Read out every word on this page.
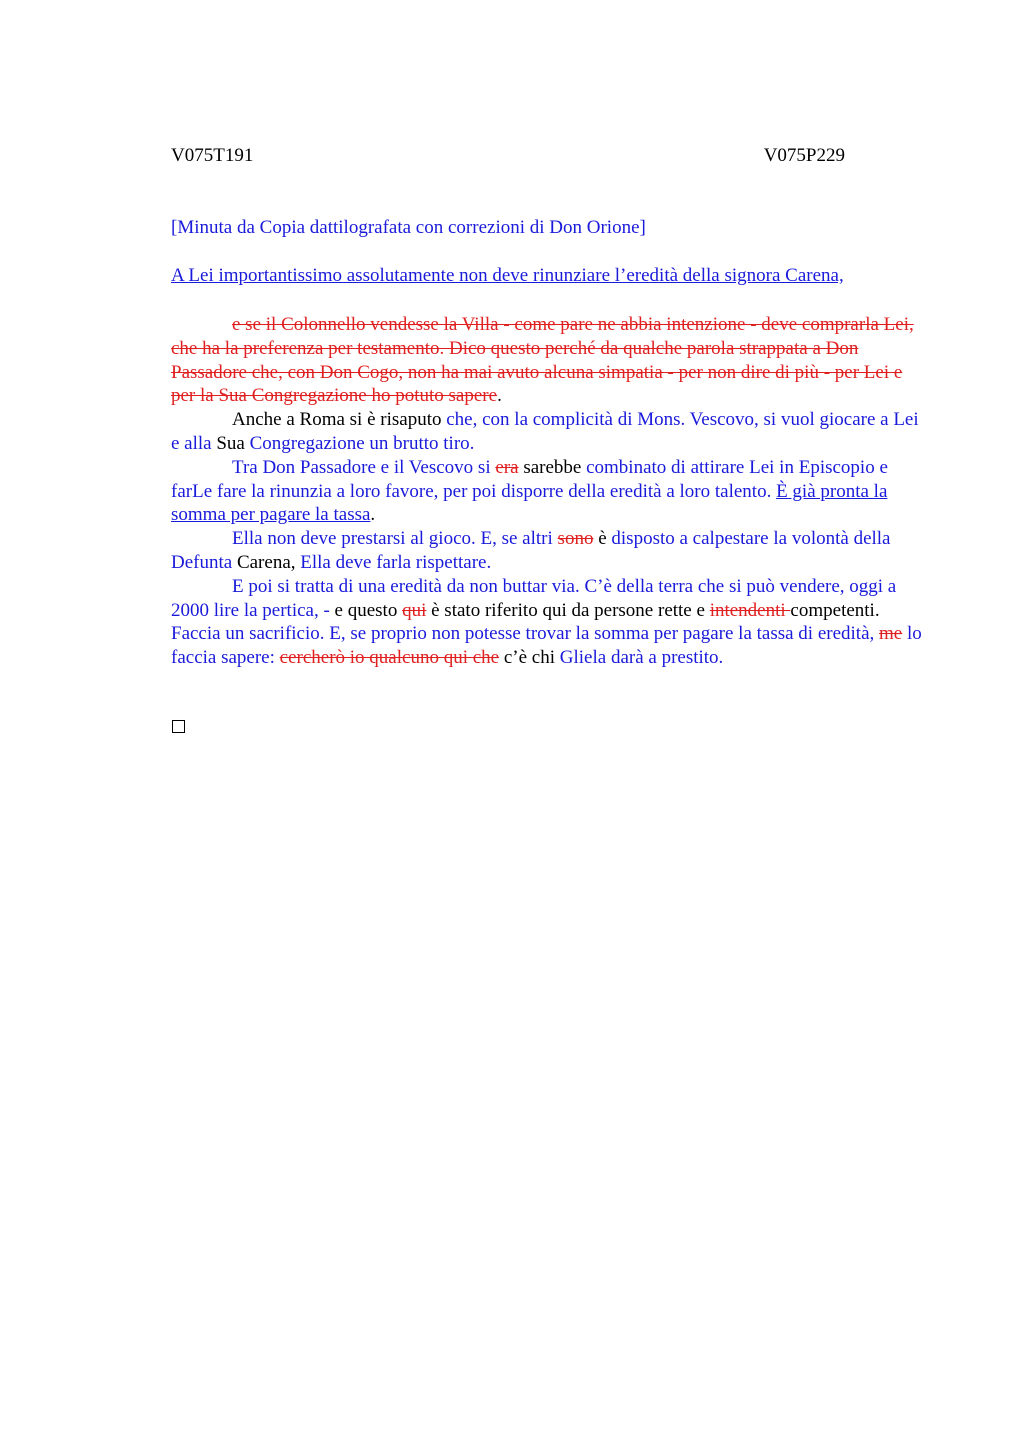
V075T191	V075P229
[Minuta da Copia dattilografata con correzioni di Don Orione]
A Lei importantissimo assolutamente non deve rinunziare l’eredità della signora Carena,

e se il Colonnello vendesse la Villa - come pare ne abbia intenzione - deve comprarla Lei, che ha la preferenza per testamento. Dico questo perché da qualche parola strappata a Don Passadore che, con Don Cogo, non ha mai avuto alcuna simpatia - per non dire di più - per Lei e per la Sua Congregazione ho potuto sapere.

Anche a Roma si è risaputo che, con la complicità di Mons. Vescovo, si vuol giocare a Lei e alla Sua Congregazione un brutto tiro.

Tra Don Passadore e il Vescovo si era sarebbe combinato di attirare Lei in Episcopio e farLe fare la rinunzia a loro favore, per poi disporre della eredità a loro talento. È già pronta la somma per pagare la tassa.

Ella non deve prestarsi al gioco. E, se altri sono è disposto a calpestare la volontà della Defunta Carena, Ella deve farla rispettare.

E poi si tratta di una eredità da non buttar via. C’è della terra che si può vendere, oggi a 2000 lire la pertica, - e questo qui è stato riferito qui da persone rette e intendenti competenti. Faccia un sacrificio. E, se proprio non potesse trovar la somma per pagare la tassa di eredità, me lo faccia sapere: cercherò io qualcuno qui che c’è chi Gliela darà a prestito.
